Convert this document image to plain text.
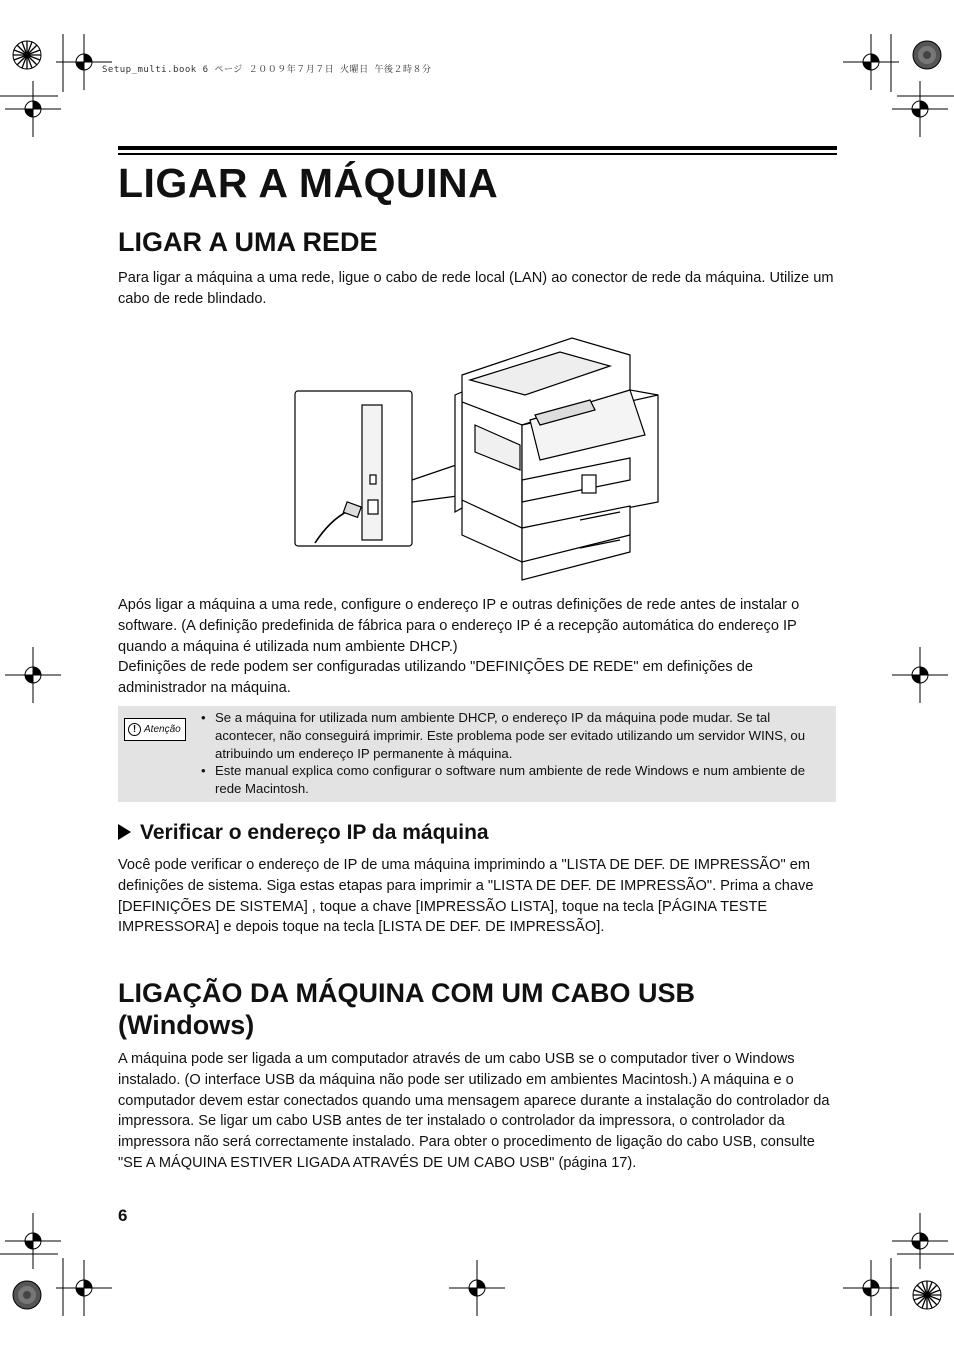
Setup_multi.book 6 ページ ２００９年７月７日 火曜日 午後２時８分
LIGAR A MÁQUINA
LIGAR A UMA REDE

Para ligar a máquina a uma rede, ligue o cabo de rede local (LAN) ao conector de rede da máquina. Utilize um cabo de rede blindado.

Após ligar a máquina a uma rede, configure o endereço IP e outras definições de rede antes de instalar o software. (A definição predefinida de fábrica para o endereço IP é a recepção automática do endereço IP quando a máquina é utilizada num ambiente DHCP.)

Definições de rede podem ser configuradas utilizando "DEFINIÇÕES DE REDE" em definições de administrador na máquina.

! Atenção
• Se a máquina for utilizada num ambiente DHCP, o endereço IP da máquina pode mudar. Se tal acontecer, não conseguirá imprimir. Este problema pode ser evitado utilizando um servidor WINS, ou atribuindo um endereço IP permanente à máquina.
• Este manual explica como configurar o software num ambiente de rede Windows e num ambiente de rede Macintosh.
Verificar o endereço IP da máquina

Você pode verificar o endereço de IP de uma máquina imprimindo a "LISTA DE DEF. DE IMPRESSÃO" em definições de sistema. Siga estas etapas para imprimir a "LISTA DE DEF. DE IMPRESSÃO". Prima a chave [DEFINIÇÕES DE SISTEMA] , toque a chave [IMPRESSÃO LISTA], toque na tecla [PÁGINA TESTE IMPRESSORA] e depois toque na tecla [LISTA DE DEF. DE IMPRESSÃO].

LIGAÇÃO DA MÁQUINA COM UM CABO USB (Windows)

A máquina pode ser ligada a um computador através de um cabo USB se o computador tiver o Windows instalado. (O interface USB da máquina não pode ser utilizado em ambientes Macintosh.) A máquina e o computador devem estar conectados quando uma mensagem aparece durante a instalação do controlador da impressora. Se ligar um cabo USB antes de ter instalado o controlador da impressora, o controlador da impressora não será correctamente instalado. Para obter o procedimento de ligação do cabo USB, consulte "SE A MÁQUINA ESTIVER LIGADA ATRAVÉS DE UM CABO USB" (página 17).

6
